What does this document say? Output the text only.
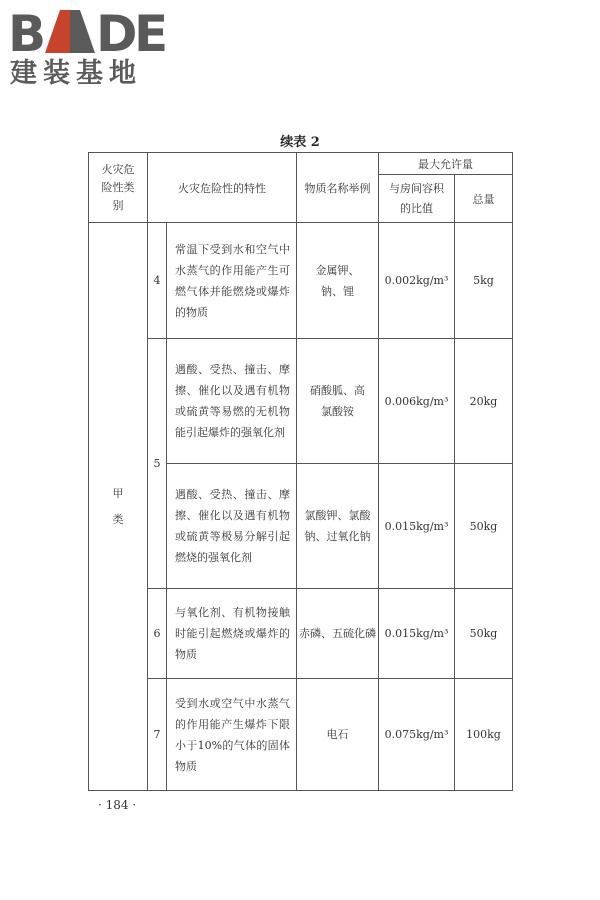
B D
E
建装基地
续表 2
火灾危险性类别	火灾危险性的特性		物质名称举例	最大允许量	
				与房间容积的比值	总量
甲类	4	常温下受到水和空气中水蒸气的作用能产生可燃气体并能燃烧或爆炸的物质	金属钾、钠、锂	0.002kg/m³	5kg
	5	遇酸、受热、撞击、摩擦、催化以及遇有机物或硫黄等易燃的无机物能引起爆炸的强氧化剂	硝酸胍、高氯酸铵	0.006kg/m³	20kg
		遇酸、受热、撞击、摩擦、催化以及遇有机物或硫黄等极易分解引起燃烧的强氧化剂	氯酸钾、氯酸钠、过氧化钠	0.015kg/m³	50kg
	6	与氧化剂、有机物接触时能引起燃烧或爆炸的物质	赤磷、五硫化磷	0.015kg/m³	50kg
	7	受到水或空气中水蒸气的作用能产生爆炸下限小于10%的气体的固体物质	电石	0.075kg/m³	100kg
· 184 ·
